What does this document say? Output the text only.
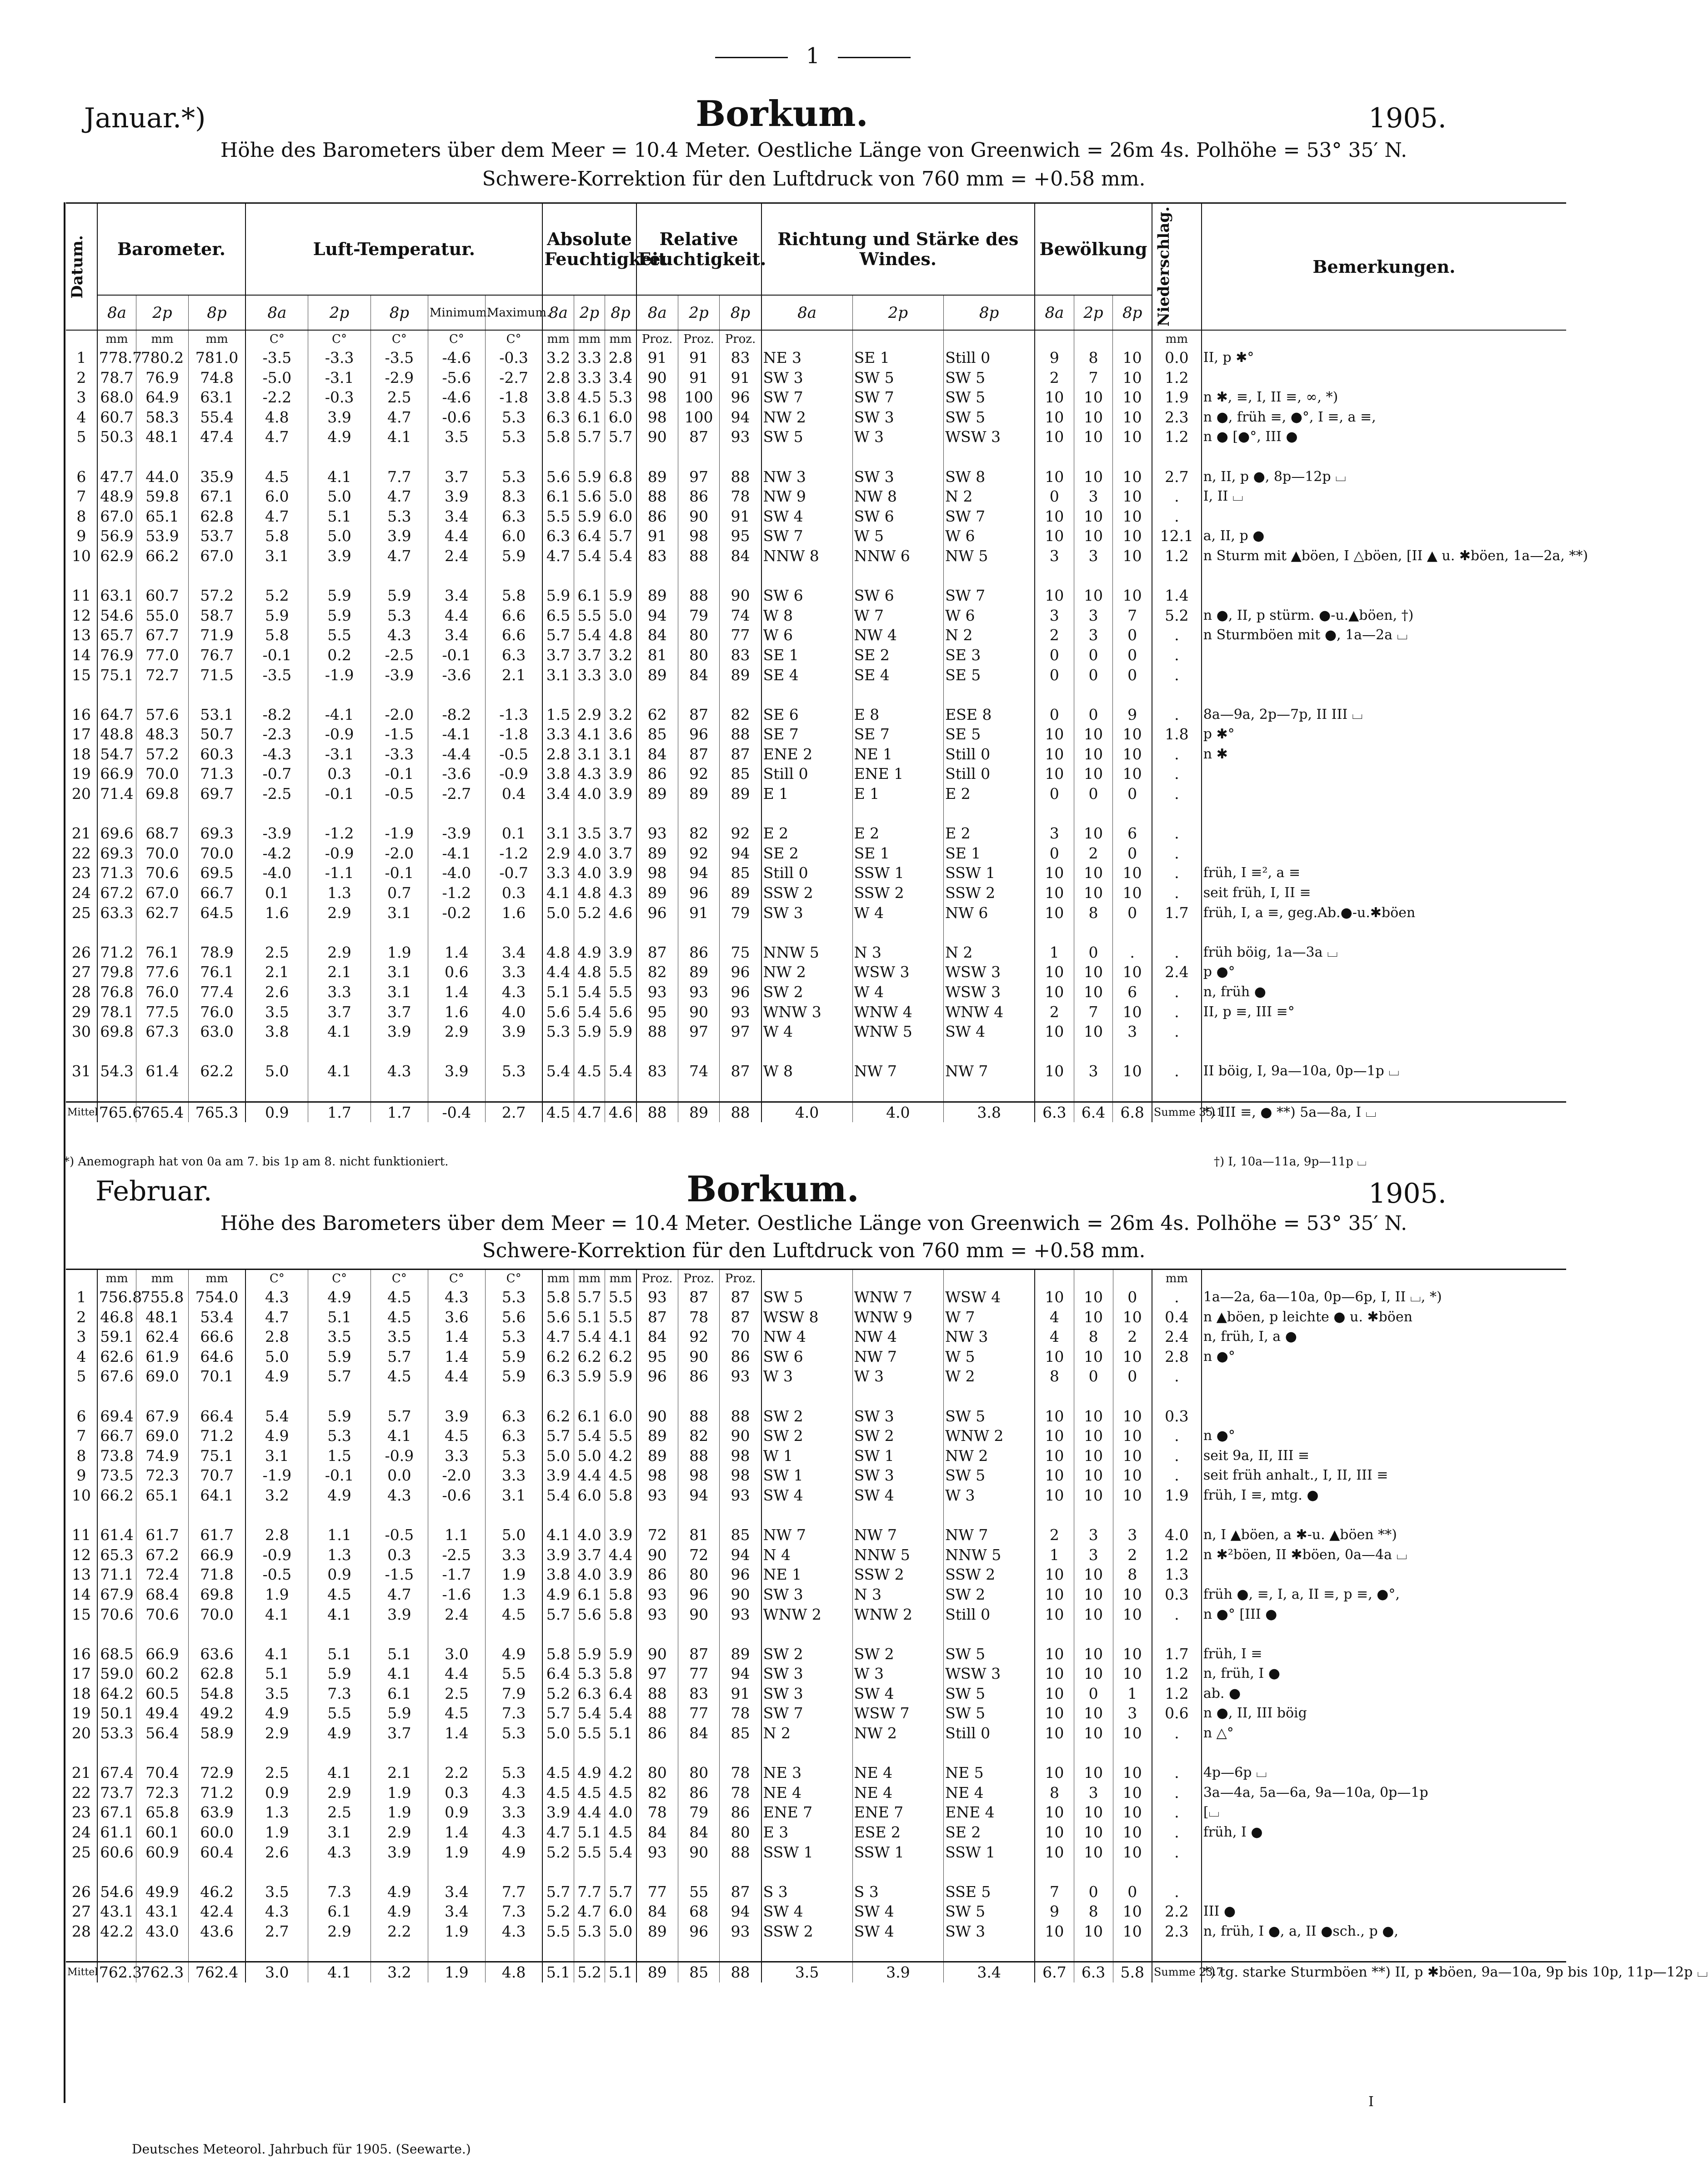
1
Januar.*)	Borkum.	1905.
Höhe des Barometers über dem Meer = 10.4 Meter. Oestliche Länge von Greenwich = 26m 4s. Polhöhe = 53° 35′ N.
Schwere-Korrektion für den Luftdruck von 760 mm = +0.58 mm.
Datum.	Barometer.			Luft-Temperatur.					Absolute Feuchtigkeit.			Relative Feuchtigkeit.			Richtung und Stärke des Windes.			Bewölkung			Niederschlag.	Bemerkungen.
	8a	2p	8p	8a	2p	8p	Minimum.	Maximum.	8a	2p	8p	8a	2p	8p	8a	2p	8p	8a	2p	8p		
	mm	mm	mm	C°	C°	C°	C°	C°	mm	mm	mm	Proz.	Proz.	Proz.							mm	
1	778.7	780.2	781.0	-3.5	-3.3	-3.5	-4.6	-0.3	3.2	3.3	2.8	91	91	83	NE 3	SE 1	Still 0	9	8	10	0.0	II, p ✱°
2	78.7	76.9	74.8	-5.0	-3.1	-2.9	-5.6	-2.7	2.8	3.3	3.4	90	91	91	SW 3	SW 5	SW 5	2	7	10	1.2	
3	68.0	64.9	63.1	-2.2	-0.3	2.5	-4.6	-1.8	3.8	4.5	5.3	98	100	96	SW 7	SW 7	SW 5	10	10	10	1.9	n ✱, ≡, I, II ≡, ∞, *)
4	60.7	58.3	55.4	4.8	3.9	4.7	-0.6	5.3	6.3	6.1	6.0	98	100	94	NW 2	SW 3	SW 5	10	10	10	2.3	n ●, früh ≡, ●°, I ≡, a ≡,
5	50.3	48.1	47.4	4.7	4.9	4.1	3.5	5.3	5.8	5.7	5.7	90	87	93	SW 5	W 3	WSW 3	10	10	10	1.2	n ● [●°, III ●

6	47.7	44.0	35.9	4.5	4.1	7.7	3.7	5.3	5.6	5.9	6.8	89	97	88	NW 3	SW 3	SW 8	10	10	10	2.7	n, II, p ●, 8p—12p ⌴
7	48.9	59.8	67.1	6.0	5.0	4.7	3.9	8.3	6.1	5.6	5.0	88	86	78	NW 9	NW 8	N 2	0	3	10	.	I, II ⌴
8	67.0	65.1	62.8	4.7	5.1	5.3	3.4	6.3	5.5	5.9	6.0	86	90	91	SW 4	SW 6	SW 7	10	10	10	.	
9	56.9	53.9	53.7	5.8	5.0	3.9	4.4	6.0	6.3	6.4	5.7	91	98	95	SW 7	W 5	W 6	10	10	10	12.1	a, II, p ●
10	62.9	66.2	67.0	3.1	3.9	4.7	2.4	5.9	4.7	5.4	5.4	83	88	84	NNW 8	NNW 6	NW 5	3	3	10	1.2	n Sturm mit ▲böen, I △böen, [II ▲ u. ✱böen, 1a—2a, **)

11	63.1	60.7	57.2	5.2	5.9	5.9	3.4	5.8	5.9	6.1	5.9	89	88	90	SW 6	SW 6	SW 7	10	10	10	1.4	
12	54.6	55.0	58.7	5.9	5.9	5.3	4.4	6.6	6.5	5.5	5.0	94	79	74	W 8	W 7	W 6	3	3	7	5.2	n ●, II, p stürm. ●-u.▲böen, †)
13	65.7	67.7	71.9	5.8	5.5	4.3	3.4	6.6	5.7	5.4	4.8	84	80	77	W 6	NW 4	N 2	2	3	0	.	n Sturmböen mit ●, 1a—2a ⌴
14	76.9	77.0	76.7	-0.1	0.2	-2.5	-0.1	6.3	3.7	3.7	3.2	81	80	83	SE 1	SE 2	SE 3	0	0	0	.	
15	75.1	72.7	71.5	-3.5	-1.9	-3.9	-3.6	2.1	3.1	3.3	3.0	89	84	89	SE 4	SE 4	SE 5	0	0	0	.	

16	64.7	57.6	53.1	-8.2	-4.1	-2.0	-8.2	-1.3	1.5	2.9	3.2	62	87	82	SE 6	E 8	ESE 8	0	0	9	.	8a—9a, 2p—7p, II III ⌴
17	48.8	48.3	50.7	-2.3	-0.9	-1.5	-4.1	-1.8	3.3	4.1	3.6	85	96	88	SE 7	SE 7	SE 5	10	10	10	1.8	p ✱°
18	54.7	57.2	60.3	-4.3	-3.1	-3.3	-4.4	-0.5	2.8	3.1	3.1	84	87	87	ENE 2	NE 1	Still 0	10	10	10	.	n ✱
19	66.9	70.0	71.3	-0.7	0.3	-0.1	-3.6	-0.9	3.8	4.3	3.9	86	92	85	Still 0	ENE 1	Still 0	10	10	10	.	
20	71.4	69.8	69.7	-2.5	-0.1	-0.5	-2.7	0.4	3.4	4.0	3.9	89	89	89	E 1	E 1	E 2	0	0	0	.	

21	69.6	68.7	69.3	-3.9	-1.2	-1.9	-3.9	0.1	3.1	3.5	3.7	93	82	92	E 2	E 2	E 2	3	10	6	.	
22	69.3	70.0	70.0	-4.2	-0.9	-2.0	-4.1	-1.2	2.9	4.0	3.7	89	92	94	SE 2	SE 1	SE 1	0	2	0	.	
23	71.3	70.6	69.5	-4.0	-1.1	-0.1	-4.0	-0.7	3.3	4.0	3.9	98	94	85	Still 0	SSW 1	SSW 1	10	10	10	.	früh, I ≡², a ≡
24	67.2	67.0	66.7	0.1	1.3	0.7	-1.2	0.3	4.1	4.8	4.3	89	96	89	SSW 2	SSW 2	SSW 2	10	10	10	.	seit früh, I, II ≡
25	63.3	62.7	64.5	1.6	2.9	3.1	-0.2	1.6	5.0	5.2	4.6	96	91	79	SW 3	W 4	NW 6	10	8	0	1.7	früh, I, a ≡, geg.Ab.●-u.✱böen

26	71.2	76.1	78.9	2.5	2.9	1.9	1.4	3.4	4.8	4.9	3.9	87	86	75	NNW 5	N 3	N 2	1	0	.	.	früh böig, 1a—3a ⌴
27	79.8	77.6	76.1	2.1	2.1	3.1	0.6	3.3	4.4	4.8	5.5	82	89	96	NW 2	WSW 3	WSW 3	10	10	10	2.4	p ●°
28	76.8	76.0	77.4	2.6	3.3	3.1	1.4	4.3	5.1	5.4	5.5	93	93	96	SW 2	W 4	WSW 3	10	10	6	.	n, früh ●
29	78.1	77.5	76.0	3.5	3.7	3.7	1.6	4.0	5.6	5.4	5.6	95	90	93	WNW 3	WNW 4	WNW 4	2	7	10	.	II, p ≡, III ≡°
30	69.8	67.3	63.0	3.8	4.1	3.9	2.9	3.9	5.3	5.9	5.9	88	97	97	W 4	WNW 5	SW 4	10	10	3	.	

31	54.3	61.4	62.2	5.0	4.1	4.3	3.9	5.3	5.4	4.5	5.4	83	74	87	W 8	NW 7	NW 7	10	3	10	.	II böig, I, 9a—10a, 0p—1p ⌴

Mittel	765.6	765.4	765.3	0.9	1.7	1.7	-0.4	2.7	4.5	4.7	4.6	88	89	88	4.0	4.0	3.8	6.3	6.4	6.8	Summe 35.1	*) III ≡, ● **) 5a—8a, I ⌴
*) Anemograph hat von 0a am 7. bis 1p am 8. nicht funktioniert.	†) I, 10a—11a, 9p—11p ⌴
Februar.	Borkum.	1905.
Höhe des Barometers über dem Meer = 10.4 Meter. Oestliche Länge von Greenwich = 26m 4s. Polhöhe = 53° 35′ N.
Schwere-Korrektion für den Luftdruck von 760 mm = +0.58 mm.
	mm	mm	mm	C°	C°	C°	C°	C°	mm	mm	mm	Proz.	Proz.	Proz.							mm	
1	756.8	755.8	754.0	4.3	4.9	4.5	4.3	5.3	5.8	5.7	5.5	93	87	87	SW 5	WNW 7	WSW 4	10	10	0	.	1a—2a, 6a—10a, 0p—6p, I, II ⌴, *)
2	46.8	48.1	53.4	4.7	5.1	4.5	3.6	5.6	5.6	5.1	5.5	87	78	87	WSW 8	WNW 9	W 7	4	10	10	0.4	n ▲böen, p leichte ● u. ✱böen
3	59.1	62.4	66.6	2.8	3.5	3.5	1.4	5.3	4.7	5.4	4.1	84	92	70	NW 4	NW 4	NW 3	4	8	2	2.4	n, früh, I, a ●
4	62.6	61.9	64.6	5.0	5.9	5.7	1.4	5.9	6.2	6.2	6.2	95	90	86	SW 6	NW 7	W 5	10	10	10	2.8	n ●°
5	67.6	69.0	70.1	4.9	5.7	4.5	4.4	5.9	6.3	5.9	5.9	96	86	93	W 3	W 3	W 2	8	0	0	.	

6	69.4	67.9	66.4	5.4	5.9	5.7	3.9	6.3	6.2	6.1	6.0	90	88	88	SW 2	SW 3	SW 5	10	10	10	0.3	
7	66.7	69.0	71.2	4.9	5.3	4.1	4.5	6.3	5.7	5.4	5.5	89	82	90	SW 2	SW 2	WNW 2	10	10	10	.	n ●°
8	73.8	74.9	75.1	3.1	1.5	-0.9	3.3	5.3	5.0	5.0	4.2	89	88	98	W 1	SW 1	NW 2	10	10	10	.	seit 9a, II, III ≡
9	73.5	72.3	70.7	-1.9	-0.1	0.0	-2.0	3.3	3.9	4.4	4.5	98	98	98	SW 1	SW 3	SW 5	10	10	10	.	seit früh anhalt., I, II, III ≡
10	66.2	65.1	64.1	3.2	4.9	4.3	-0.6	3.1	5.4	6.0	5.8	93	94	93	SW 4	SW 4	W 3	10	10	10	1.9	früh, I ≡, mtg. ●

11	61.4	61.7	61.7	2.8	1.1	-0.5	1.1	5.0	4.1	4.0	3.9	72	81	85	NW 7	NW 7	NW 7	2	3	3	4.0	n, I ▲böen, a ✱-u. ▲böen **)
12	65.3	67.2	66.9	-0.9	1.3	0.3	-2.5	3.3	3.9	3.7	4.4	90	72	94	N 4	NNW 5	NNW 5	1	3	2	1.2	n ✱²böen, II ✱böen, 0a—4a ⌴
13	71.1	72.4	71.8	-0.5	0.9	-1.5	-1.7	1.9	3.8	4.0	3.9	86	80	96	NE 1	SSW 2	SSW 2	10	10	8	1.3	
14	67.9	68.4	69.8	1.9	4.5	4.7	-1.6	1.3	4.9	6.1	5.8	93	96	90	SW 3	N 3	SW 2	10	10	10	0.3	früh ●, ≡, I, a, II ≡, p ≡, ●°,
15	70.6	70.6	70.0	4.1	4.1	3.9	2.4	4.5	5.7	5.6	5.8	93	90	93	WNW 2	WNW 2	Still 0	10	10	10	.	n ●° [III ●

16	68.5	66.9	63.6	4.1	5.1	5.1	3.0	4.9	5.8	5.9	5.9	90	87	89	SW 2	SW 2	SW 5	10	10	10	1.7	früh, I ≡
17	59.0	60.2	62.8	5.1	5.9	4.1	4.4	5.5	6.4	5.3	5.8	97	77	94	SW 3	W 3	WSW 3	10	10	10	1.2	n, früh, I ●
18	64.2	60.5	54.8	3.5	7.3	6.1	2.5	7.9	5.2	6.3	6.4	88	83	91	SW 3	SW 4	SW 5	10	0	1	1.2	ab. ●
19	50.1	49.4	49.2	4.9	5.5	5.9	4.5	7.3	5.7	5.4	5.4	88	77	78	SW 7	WSW 7	SW 5	10	10	3	0.6	n ●, II, III böig
20	53.3	56.4	58.9	2.9	4.9	3.7	1.4	5.3	5.0	5.5	5.1	86	84	85	N 2	NW 2	Still 0	10	10	10	.	n △°

21	67.4	70.4	72.9	2.5	4.1	2.1	2.2	5.3	4.5	4.9	4.2	80	80	78	NE 3	NE 4	NE 5	10	10	10	.	4p—6p ⌴
22	73.7	72.3	71.2	0.9	2.9	1.9	0.3	4.3	4.5	4.5	4.5	82	86	78	NE 4	NE 4	NE 4	8	3	10	.	3a—4a, 5a—6a, 9a—10a, 0p—1p
23	67.1	65.8	63.9	1.3	2.5	1.9	0.9	3.3	3.9	4.4	4.0	78	79	86	ENE 7	ENE 7	ENE 4	10	10	10	.	[⌴
24	61.1	60.1	60.0	1.9	3.1	2.9	1.4	4.3	4.7	5.1	4.5	84	84	80	E 3	ESE 2	SE 2	10	10	10	.	früh, I ●
25	60.6	60.9	60.4	2.6	4.3	3.9	1.9	4.9	5.2	5.5	5.4	93	90	88	SSW 1	SSW 1	SSW 1	10	10	10	.	

26	54.6	49.9	46.2	3.5	7.3	4.9	3.4	7.7	5.7	7.7	5.7	77	55	87	S 3	S 3	SSE 5	7	0	0	.	
27	43.1	43.1	42.4	4.3	6.1	4.9	3.4	7.3	5.2	4.7	6.0	84	68	94	SW 4	SW 4	SW 5	9	8	10	2.2	III ●
28	42.2	43.0	43.6	2.7	2.9	2.2	1.9	4.3	5.5	5.3	5.0	89	96	93	SSW 2	SW 4	SW 3	10	10	10	2.3	n, früh, I ●, a, II ●sch., p ●,

Mittel	762.3	762.3	762.4	3.0	4.1	3.2	1.9	4.8	5.1	5.2	5.1	89	85	88	3.5	3.9	3.4	6.7	6.3	5.8	Summe 23.7	*) tg. starke Sturmböen **) II, p ✱böen, 9a—10a, 9p bis 10p, 11p—12p ⌴
Deutsches Meteorol. Jahrbuch für 1905. (Seewarte.)
I
